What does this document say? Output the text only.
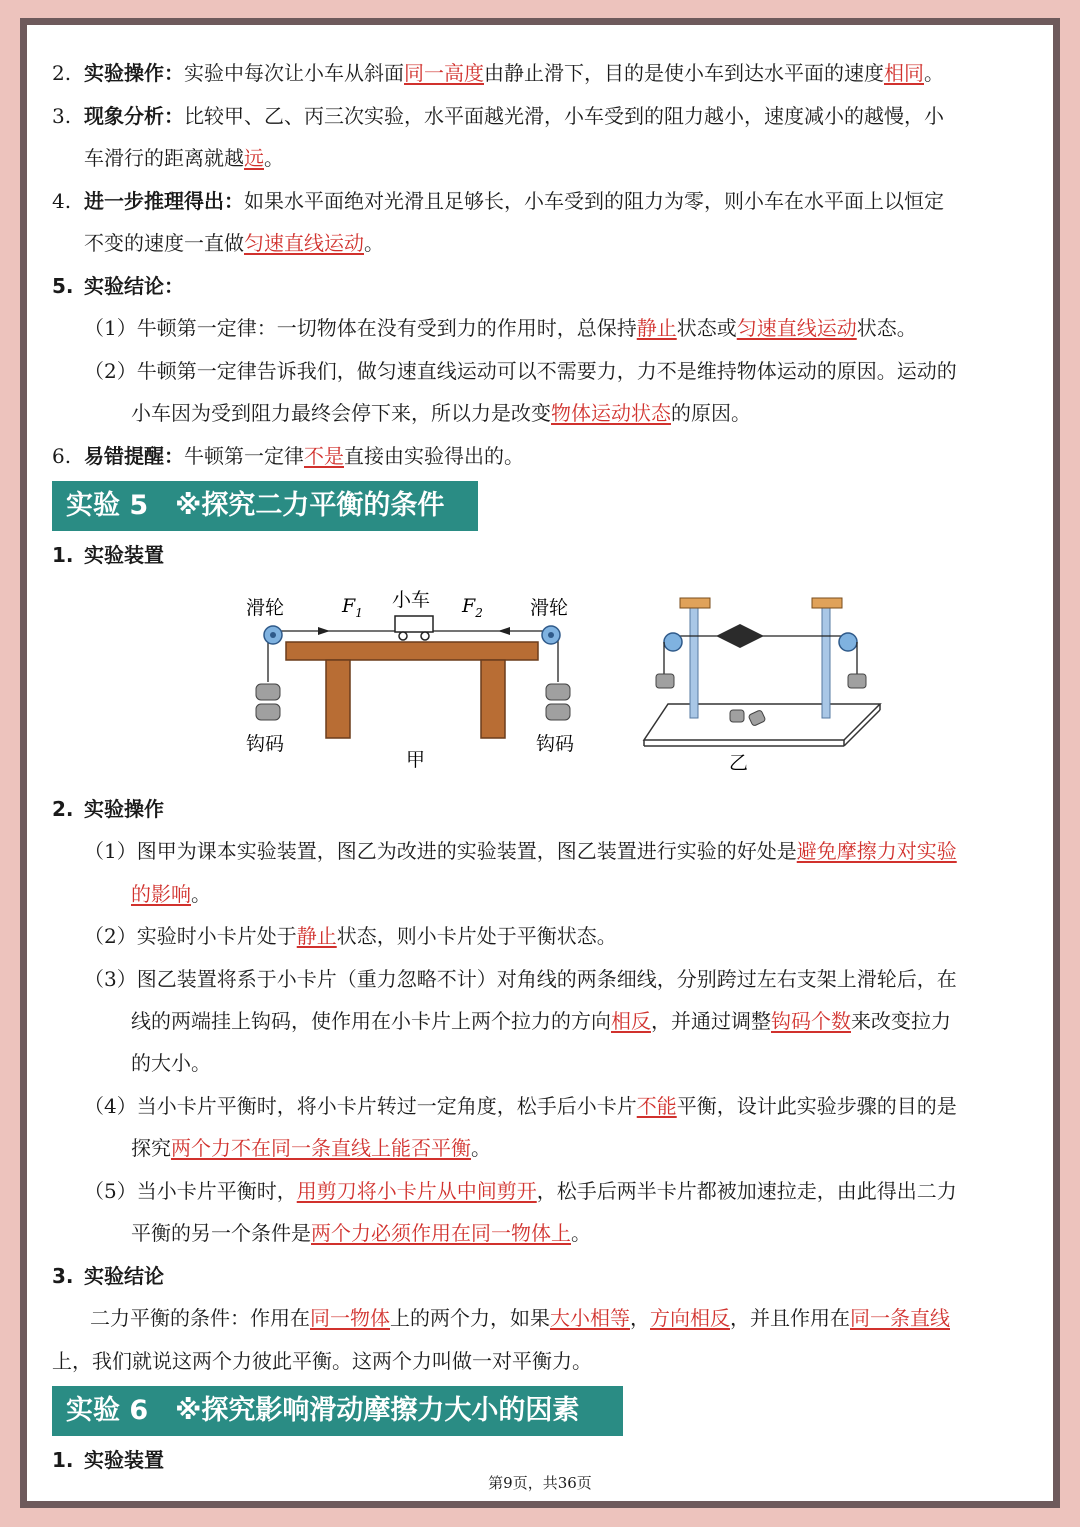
2. 实验操作：实验中每次让小车从斜面同一高度由静止滑下，目的是使小车到达水平面的速度相同。
3. 现象分析：比较甲、乙、丙三次实验，水平面越光滑，小车受到的阻力越小，速度减小的越慢，小
车滑行的距离就越远。
4. 进一步推理得出：如果水平面绝对光滑且足够长，小车受到的阻力为零，则小车在水平面上以恒定
不变的速度一直做匀速直线运动。
5. 实验结论：
（1）牛顿第一定律：一切物体在没有受到力的作用时，总保持静止状态或匀速直线运动状态。
（2）牛顿第一定律告诉我们，做匀速直线运动可以不需要力，力不是维持物体运动的原因。运动的
小车因为受到阻力最终会停下来，所以力是改变物体运动状态的原因。
6. 易错提醒：牛顿第一定律不是直接由实验得出的。
实验 5　※探究二力平衡的条件
1. 实验装置
滑轮	滑轮
小车
$F_1$	$F_2$
钩码	钩码
甲	乙
2. 实验操作
（1）图甲为课本实验装置，图乙为改进的实验装置，图乙装置进行实验的好处是避免摩擦力对实验
的影响。
（2）实验时小卡片处于静止状态，则小卡片处于平衡状态。
（3）图乙装置将系于小卡片（重力忽略不计）对角线的两条细线，分别跨过左右支架上滑轮后，在
线的两端挂上钩码，使作用在小卡片上两个拉力的方向相反，并通过调整钩码个数来改变拉力
的大小。
（4）当小卡片平衡时，将小卡片转过一定角度，松手后小卡片不能平衡，设计此实验步骤的目的是
探究两个力不在同一条直线上能否平衡。
（5）当小卡片平衡时，用剪刀将小卡片从中间剪开，松手后两半卡片都被加速拉走，由此得出二力
平衡的另一个条件是两个力必须作用在同一物体上。
3. 实验结论
二力平衡的条件：作用在同一物体上的两个力，如果大小相等，方向相反，并且作用在同一条直线
上，我们就说这两个力彼此平衡。这两个力叫做一对平衡力。
实验 6　※探究影响滑动摩擦力大小的因素
1. 实验装置
第9页，共36页
